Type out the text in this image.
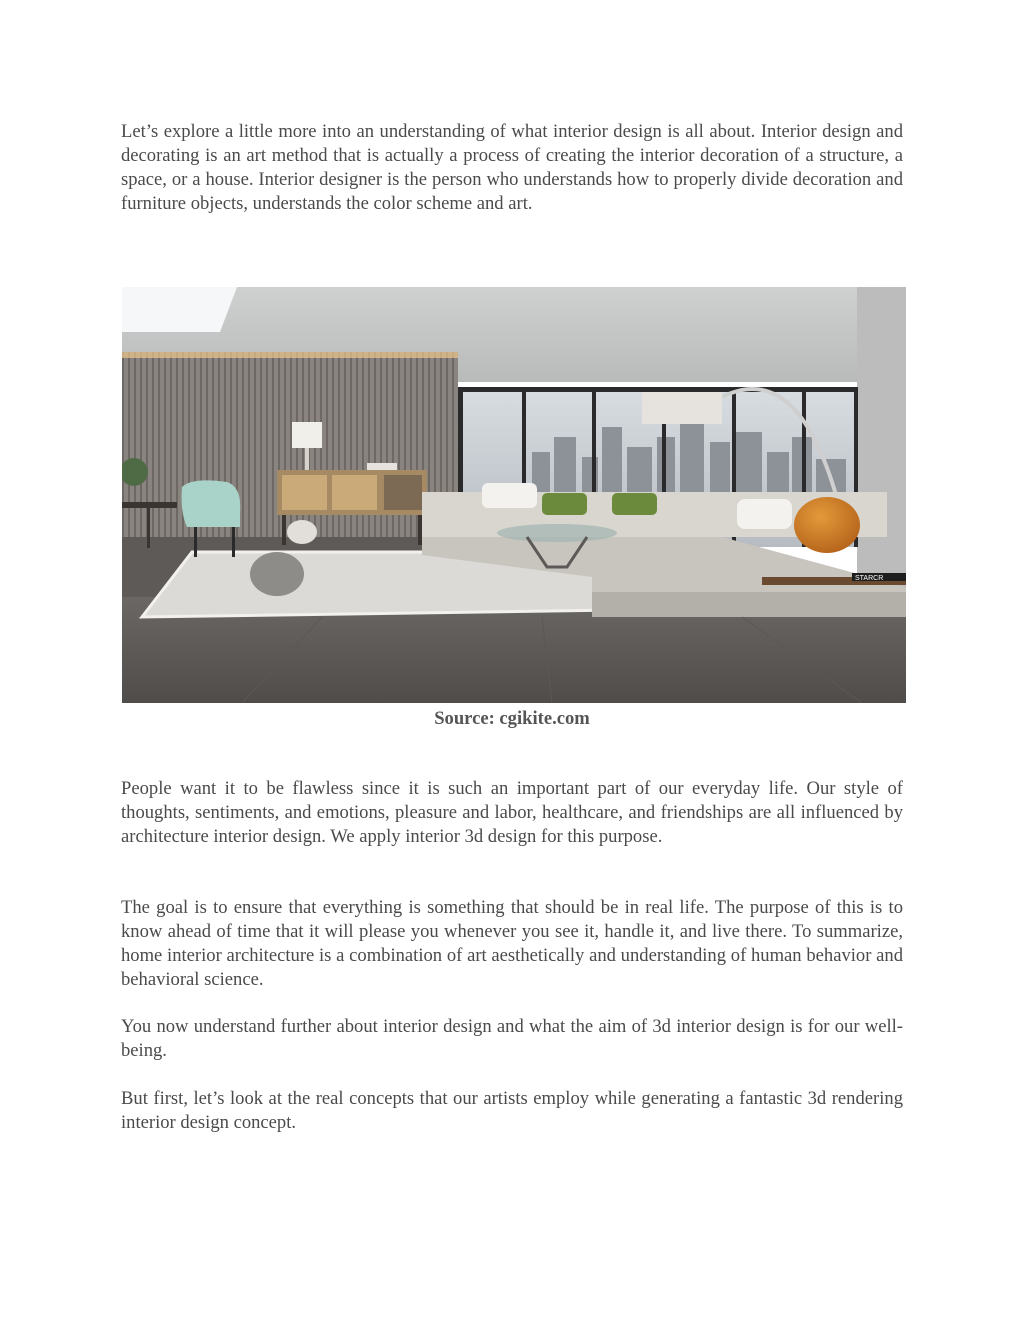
Let’s explore a little more into an understanding of what interior design is all about. Interior design and decorating is an art method that is actually a process of creating the interior decoration of a structure, a space, or a house. Interior designer is the person who understands how to properly divide decoration and furniture objects, understands the color scheme and art.

STARCR
Source: cgikite.com

People want it to be flawless since it is such an important part of our everyday life. Our style of thoughts, sentiments, and emotions, pleasure and labor, healthcare, and friendships are all influenced by architecture interior design. We apply interior 3d design for this purpose.

The goal is to ensure that everything is something that should be in real life. The purpose of this is to know ahead of time that it will please you whenever you see it, handle it, and live there. To summarize, home interior architecture is a combination of art aesthetically and understanding of human behavior and behavioral science.

You now understand further about interior design and what the aim of 3d interior design is for our well-being.

But first, let’s look at the real concepts that our artists employ while generating a fantastic 3d rendering interior design concept.
